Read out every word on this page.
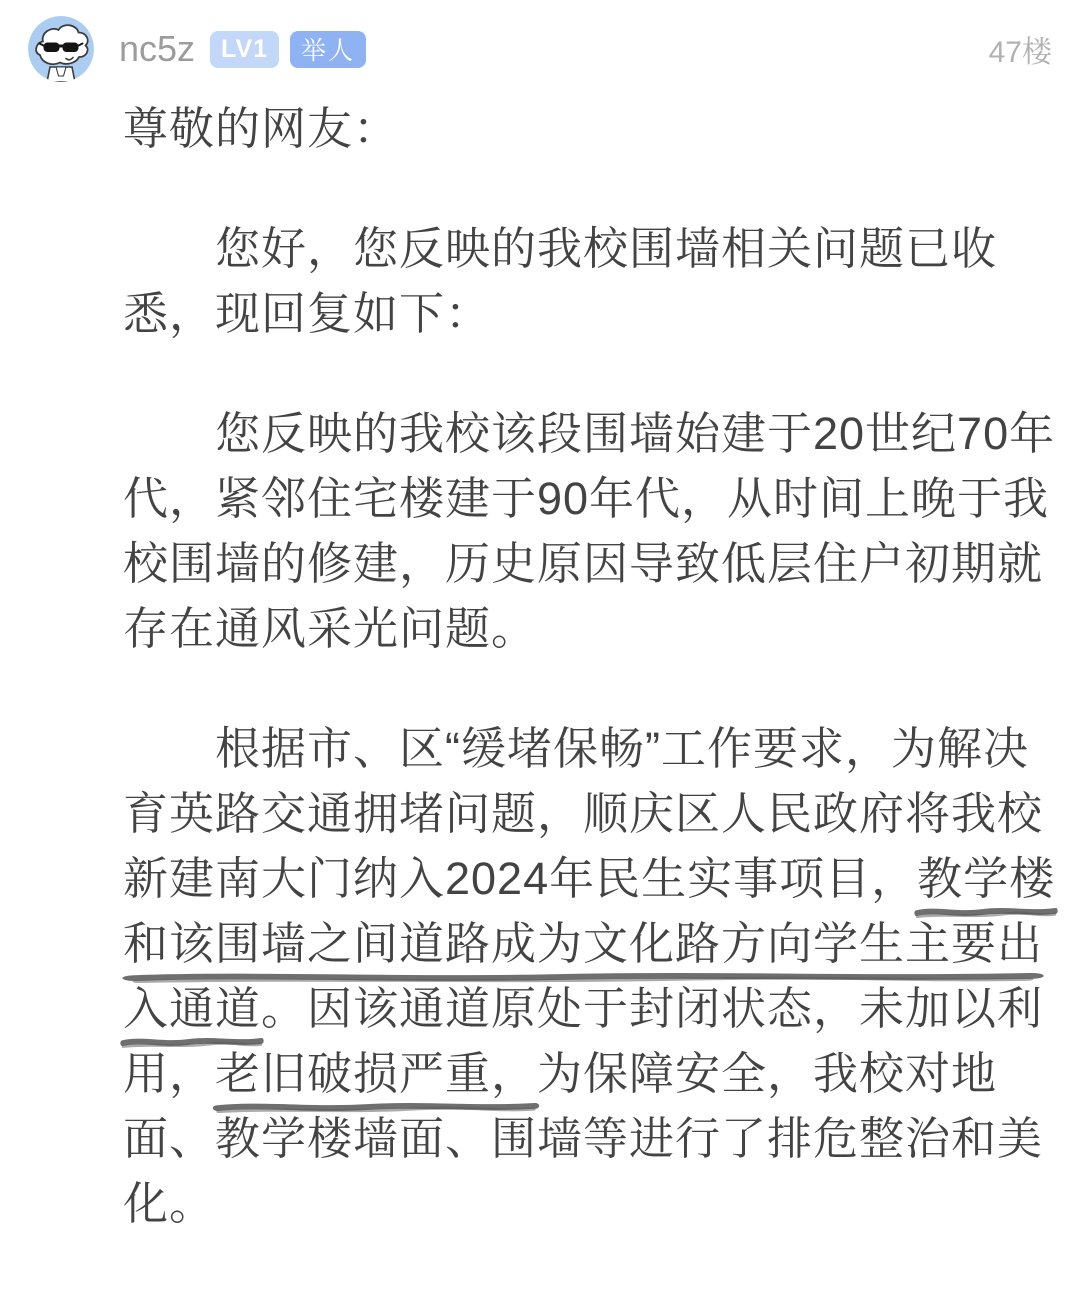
nc5z	LV1	举人	47楼
尊敬的网友：
　　您好，您反映的我校围墙相关问题已收
悉，现回复如下：
　　您反映的我校该段围墙始建于20世纪70年
代，紧邻住宅楼建于90年代，从时间上晚于我
校围墙的修建，历史原因导致低层住户初期就
存在通风采光问题。
　　根据市、区“缓堵保畅”工作要求，为解决
育英路交通拥堵问题，顺庆区人民政府将我校
新建南大门纳入2024年民生实事项目，教学楼
和该围墙之间道路成为文化路方向学生主要出
入通道
。因该通道原处于封闭状态，未加以利
用，老旧破损严重，
为保障安全，我校对地
面、教学楼墙面、围墙等进行了排危整治和美
化。
